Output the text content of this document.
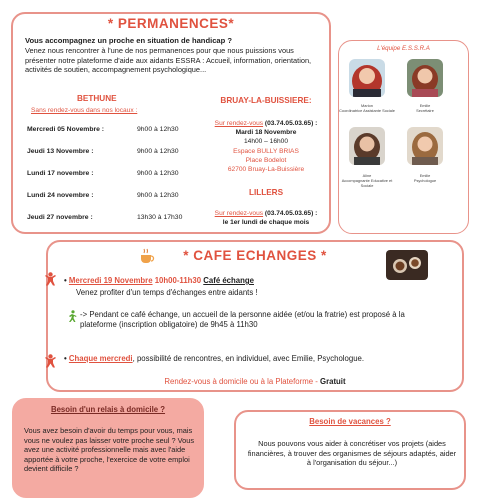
* PERMANENCES*
Vous accompagnez un proche en situation de handicap ?
Venez nous rencontrer à l'une de nos permanences pour que nous puissions vous présenter notre plateforme d'aide aux aidants ESSRA : Accueil, information, orientation, activités de soutien, accompagnement psychologique...
BETHUNE
Sans rendez-vous dans nos locaux :
Mercredi 05 Novembre :	9h00 à 12h30
Jeudi 13 Novembre :	9h00 à 12h30
Lundi 17 novembre :	9h00 à 12h30
Lundi 24 novembre :	9h00 à 12h30
Jeudi 27 novembre :	13h30 à 17h30
BRUAY-LA-BUISSIERE:
Sur rendez-vous (03.74.05.03.65) :
Mardi 18 Novembre
14h00 – 16h00
Espace BULLY BRIAS
Place Bodelot
62700 Bruay-La-Buissière
LILLERS
Sur rendez-vous (03.74.05.03.65) :
le 1er lundi de chaque mois
L'équipe E.S.S.R.A
Marion
Coordinatrice Assistante Sociale
Emilie
Secrétaire
Aline
Accompagnante Educative et Sociale
Emilie
Psychologue
* CAFE ECHANGES *
• Mercredi 19 Novembre 10h00-11h30 Café échange
Venez profiter d'un temps d'échanges entre aidants !
-> Pendant ce café échange, un accueil de la personne aidée (et/ou la fratrie) est proposé à la plateforme (inscription obligatoire) de 9h45 à 11h30
• Chaque mercredi, possibilité de rencontres, en individuel, avec Emilie, Psychologue.
Rendez-vous à domicile ou à la Plateforme - Gratuit
Besoin d'un relais à domicile ?
Vous avez besoin d'avoir du temps pour vous, mais vous ne voulez pas laisser votre proche seul ? Vous avez une activité professionnelle mais avec l'aide apportée à votre proche, l'exercice de votre emploi devient difficile ?
Besoin de vacances ?
Nous pouvons vous aider à concrétiser vos projets (aides financières, à trouver des organismes de séjours adaptés, aider à l'organisation du séjour...)
